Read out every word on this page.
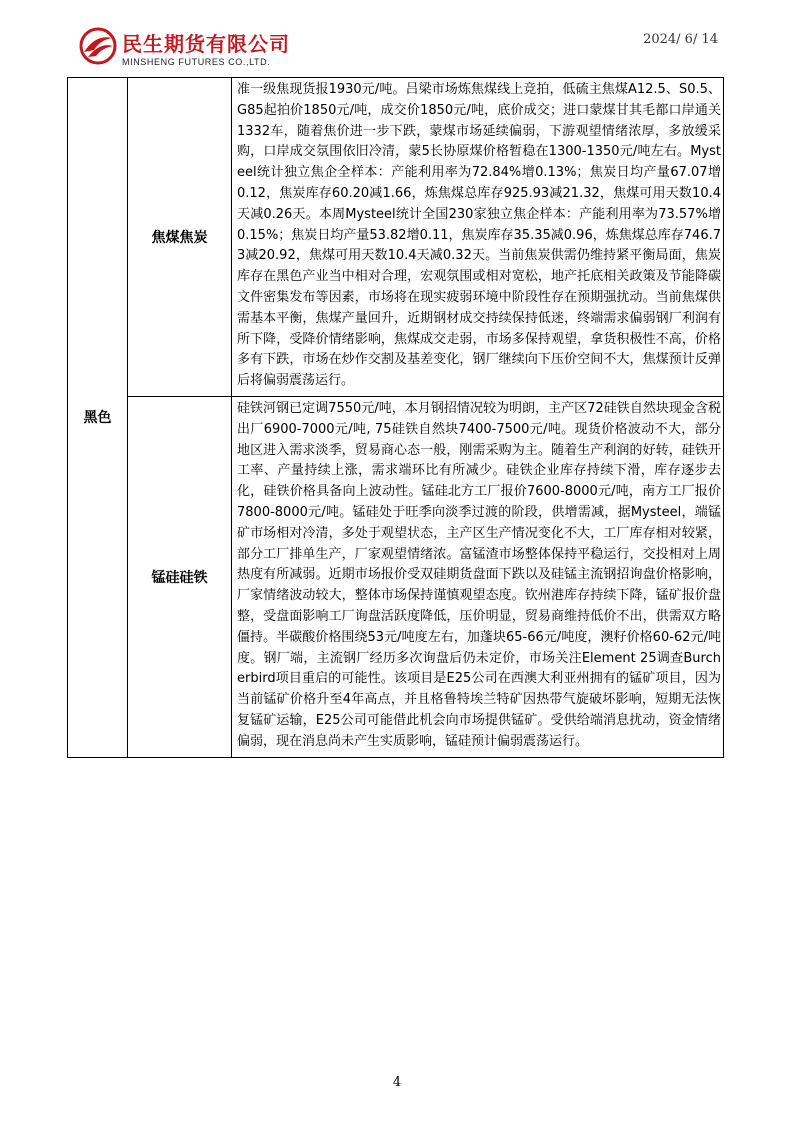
民生期货有限公司
MINSHENG FUTURES CO.,LTD.
2024/ 6/ 14
黑色	焦煤焦炭	准一级焦现货报1930元/吨。吕梁市场炼焦煤线上竞拍，低硫主焦煤A12.5、S0.5、G85起拍价1850元/吨，成交价1850元/吨，底价成交；进口蒙煤甘其毛都口岸通关1332车，随着焦价进一步下跌，蒙煤市场延续偏弱，下游观望情绪浓厚，多放缓采购，口岸成交氛围依旧冷清，蒙5长协原煤价格暂稳在1300-1350元/吨左右。Mysteel统计独立焦企全样本：产能利用率为72.84%增0.13%；焦炭日均产量67.07增0.12，焦炭库存60.20减1.66，炼焦煤总库存925.93减21.32，焦煤可用天数10.4天减0.26天。本周Mysteel统计全国230家独立焦企样本：产能利用率为73.57%增0.15%；焦炭日均产量53.82增0.11，焦炭库存35.35减0.96，炼焦煤总库存746.73减20.92，焦煤可用天数10.4天减0.32天。当前焦炭供需仍维持紧平衡局面，焦炭库存在黑色产业当中相对合理，宏观氛围或相对宽松，地产托底相关政策及节能降碳文件密集发布等因素，市场将在现实疲弱环境中阶段性存在预期强扰动。当前焦煤供需基本平衡，焦煤产量回升，近期钢材成交持续保持低迷，终端需求偏弱钢厂利润有所下降，受降价情绪影响，焦煤成交走弱，市场多保持观望，拿货积极性不高，价格多有下跌，市场在炒作交割及基差变化，钢厂继续向下压价空间不大，焦煤预计反弹后将偏弱震荡运行。
	锰硅硅铁	硅铁河钢已定调7550元/吨，本月钢招情况较为明朗，主产区72硅铁自然块现金含税出厂6900-7000元/吨, 75硅铁自然块7400-7500元/吨。现货价格波动不大，部分地区进入需求淡季，贸易商心态一般，刚需采购为主。随着生产利润的好转，硅铁开工率、产量持续上涨，需求端环比有所减少。硅铁企业库存持续下滑，库存逐步去化，硅铁价格具备向上波动性。锰硅北方工厂报价7600-8000元/吨，南方工厂报价7800-8000元/吨。锰硅处于旺季向淡季过渡的阶段，供增需减，据Mysteel，端锰矿市场相对冷清，多处于观望状态，主产区生产情况变化不大，工厂库存相对较紧，部分工厂排单生产，厂家观望情绪浓。富锰渣市场整体保持平稳运行，交投相对上周热度有所减弱。近期市场报价受双硅期货盘面下跌以及硅锰主流钢招询盘价格影响，厂家情绪波动较大，整体市场保持谨慎观望态度。钦州港库存持续下降，锰矿报价盘整，受盘面影响工厂询盘活跃度降低，压价明显，贸易商维持低价不出，供需双方略僵持。半碳酸价格围绕53元/吨度左右，加蓬块65-66元/吨度，澳籽价格60-62元/吨度。钢厂端，主流钢厂经历多次询盘后仍未定价，市场关注Element 25调查Burcherbird项目重启的可能性。该项目是E25公司在西澳大利亚州拥有的锰矿项目，因为当前锰矿价格升至4年高点，并且格鲁特埃兰特矿因热带气旋破坏影响，短期无法恢复锰矿运输，E25公司可能借此机会向市场提供锰矿。受供给端消息扰动，资金情绪偏弱，现在消息尚未产生实质影响，锰硅预计偏弱震荡运行。
4
